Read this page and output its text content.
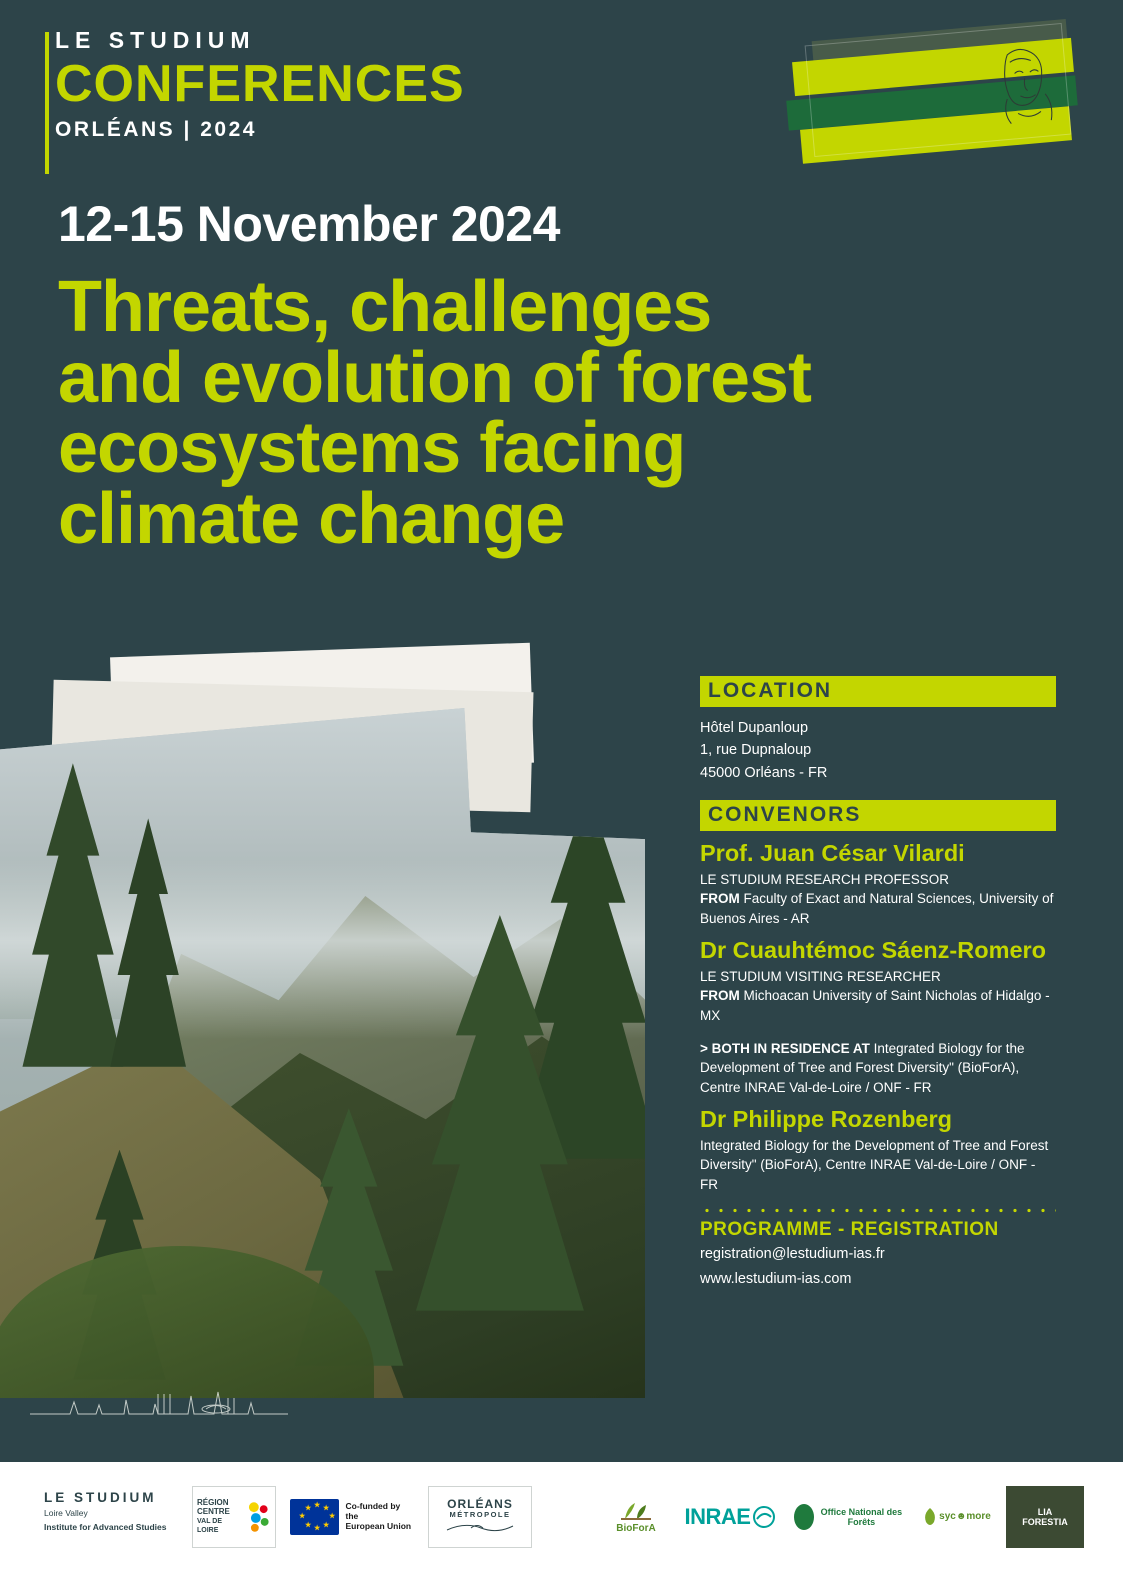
LE STUDIUM
CONFERENCES
ORLÉANS | 2024
12-15 November 2024
Threats, challenges
and evolution of forest
ecosystems facing
climate change
LOCATION
Hôtel Dupanloup
1, rue Dupnaloup
45000 Orléans - FR
CONVENORS
Prof. Juan César Vilardi
LE STUDIUM RESEARCH PROFESSOR
FROM Faculty of Exact and Natural Sciences, University of Buenos Aires - AR
Dr Cuauhtémoc Sáenz-Romero
LE STUDIUM VISITING RESEARCHER
FROM Michoacan University of Saint Nicholas of Hidalgo - MX
> BOTH IN RESIDENCE AT Integrated Biology for the Development of Tree and Forest Diversity" (BioForA), Centre INRAE Val-de-Loire / ONF - FR
Dr Philippe Rozenberg
Integrated Biology for the Development of Tree and Forest Diversity" (BioForA), Centre INRAE Val-de-Loire / ONF - FR
PROGRAMME - REGISTRATION
registration@lestudium-ias.fr
www.lestudium-ias.com
LE STUDIUM
Loire Valley
Institute for Advanced Studies
RÉGION
CENTRE
VAL DE LOIRE
★ ★
★
★
★
★
★
★	Co-funded by the
European Union
ORLÉANS
MÉTROPOLE
BioForA INRAE	Office National des Forêts	syc☻more	LIA
FORESTIA
